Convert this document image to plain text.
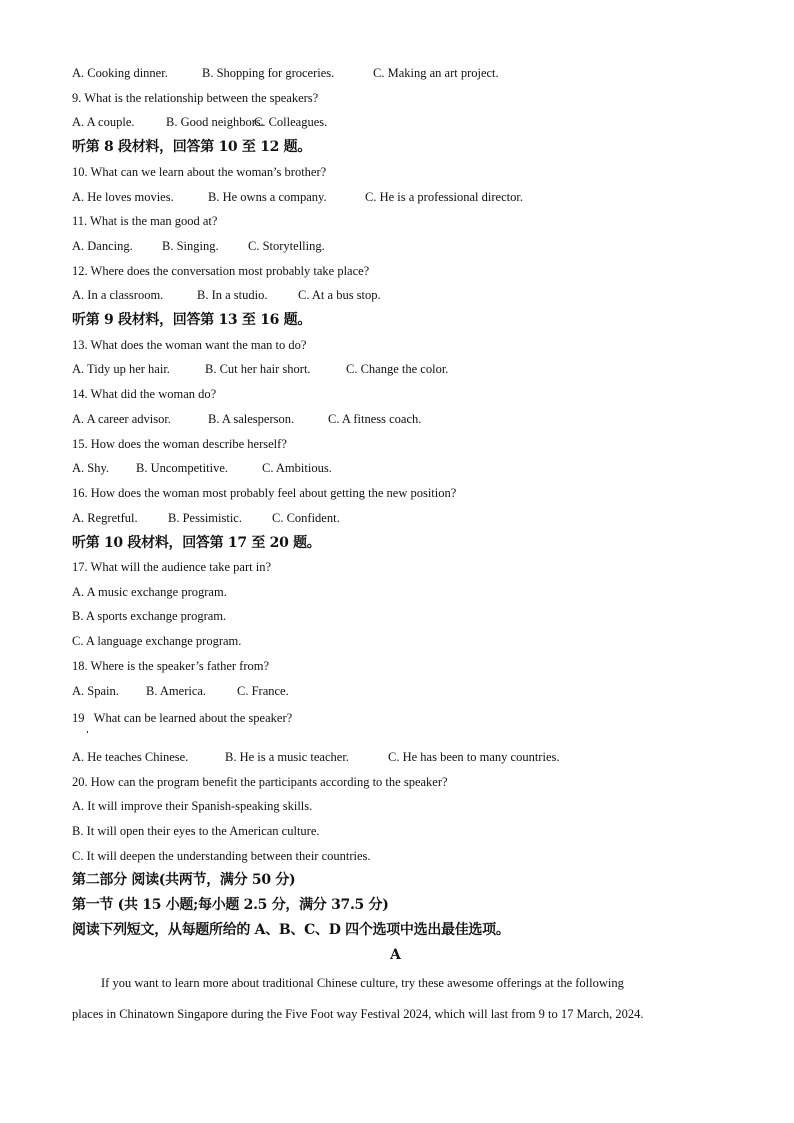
A. Cooking dinner.	B. Shopping for groceries.	C. Making an art project.
9. What is the relationship between the speakers?
A. A couple.	B. Good neighbors.
C. Colleagues.
听第 8 段材料，回答第 10 至 12 题。
10. What can we learn about the woman’s brother?
A. He loves movies.	B. He owns a company.	C. He is a professional director.
11. What is the man good at?
A. Dancing. B. Singing. C. Storytelling.
12. Where does the conversation most probably take place?
A. In a classroom.	B. In a studio. C. At a bus stop.
听第 9 段材料，回答第 13 至 16 题。
13. What does the woman want the man to do?
A. Tidy up her hair.	B. Cut her hair short.	C. Change the color.
14. What did the woman do?
A. A career advisor.	B. A salesperson.	C. A fitness coach.
15. How does the woman describe herself?
A. Shy. B. Uncompetitive.	C. Ambitious.
16. How does the woman most probably feel about getting the new position?
A. Regretful. B. Pessimistic. C. Confident.
听第 10 段材料，回答第 17 至 20 题。
17. What will the audience take part in?
A. A music exchange program.
B. A sports exchange program.
C. A language exchange program.
18. Where is the speaker’s father from?
A. Spain. B. America. C. France.
19   What can be learned about the speaker?
A. He teaches Chinese.	B. He is a music teacher.	C. He has been to many countries.
20. How can the program benefit the participants according to the speaker?
A. It will improve their Spanish-speaking skills.
B. It will open their eyes to the American culture.
C. It will deepen the understanding between their countries.
第二部分 阅读(共两节，满分 50 分)
第一节 (共 15 小题;每小题 2.5 分，满分 37.5 分)
阅读下列短文，从每题所给的 A、B、C、D 四个选项中选出最佳选项。
A
If you want to learn more about traditional Chinese culture, try these awesome offerings at the following
places in Chinatown Singapore during the Five Foot way Festival 2024, which will last from 9 to 17 March, 2024.
